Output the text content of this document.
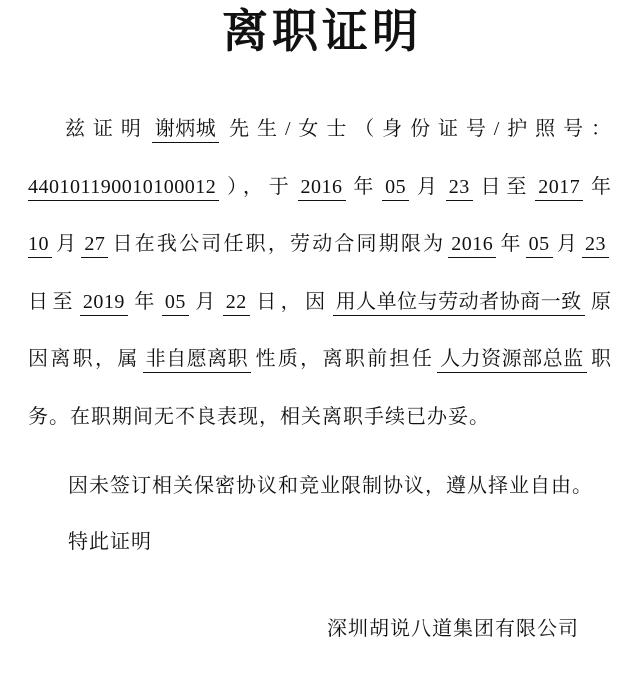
离职证明
兹证明 谢炳城 先生/女士（身份证号/护照号：
440101190010100012 ），于 2016 年 05 月 23 日至 2017 年
10 月 27 日在我公司任职，劳动合同期限为 2016 年 05 月 23
日至 2019 年 05 月 22 日，因 用人单位与劳动者协商一致 原
因离职，属 非自愿离职 性质，离职前担任 人力资源部总监 职
务。在职期间无不良表现，相关离职手续已办妥。
因未签订相关保密协议和竞业限制协议，遵从择业自由。
特此证明
深圳胡说八道集团有限公司
